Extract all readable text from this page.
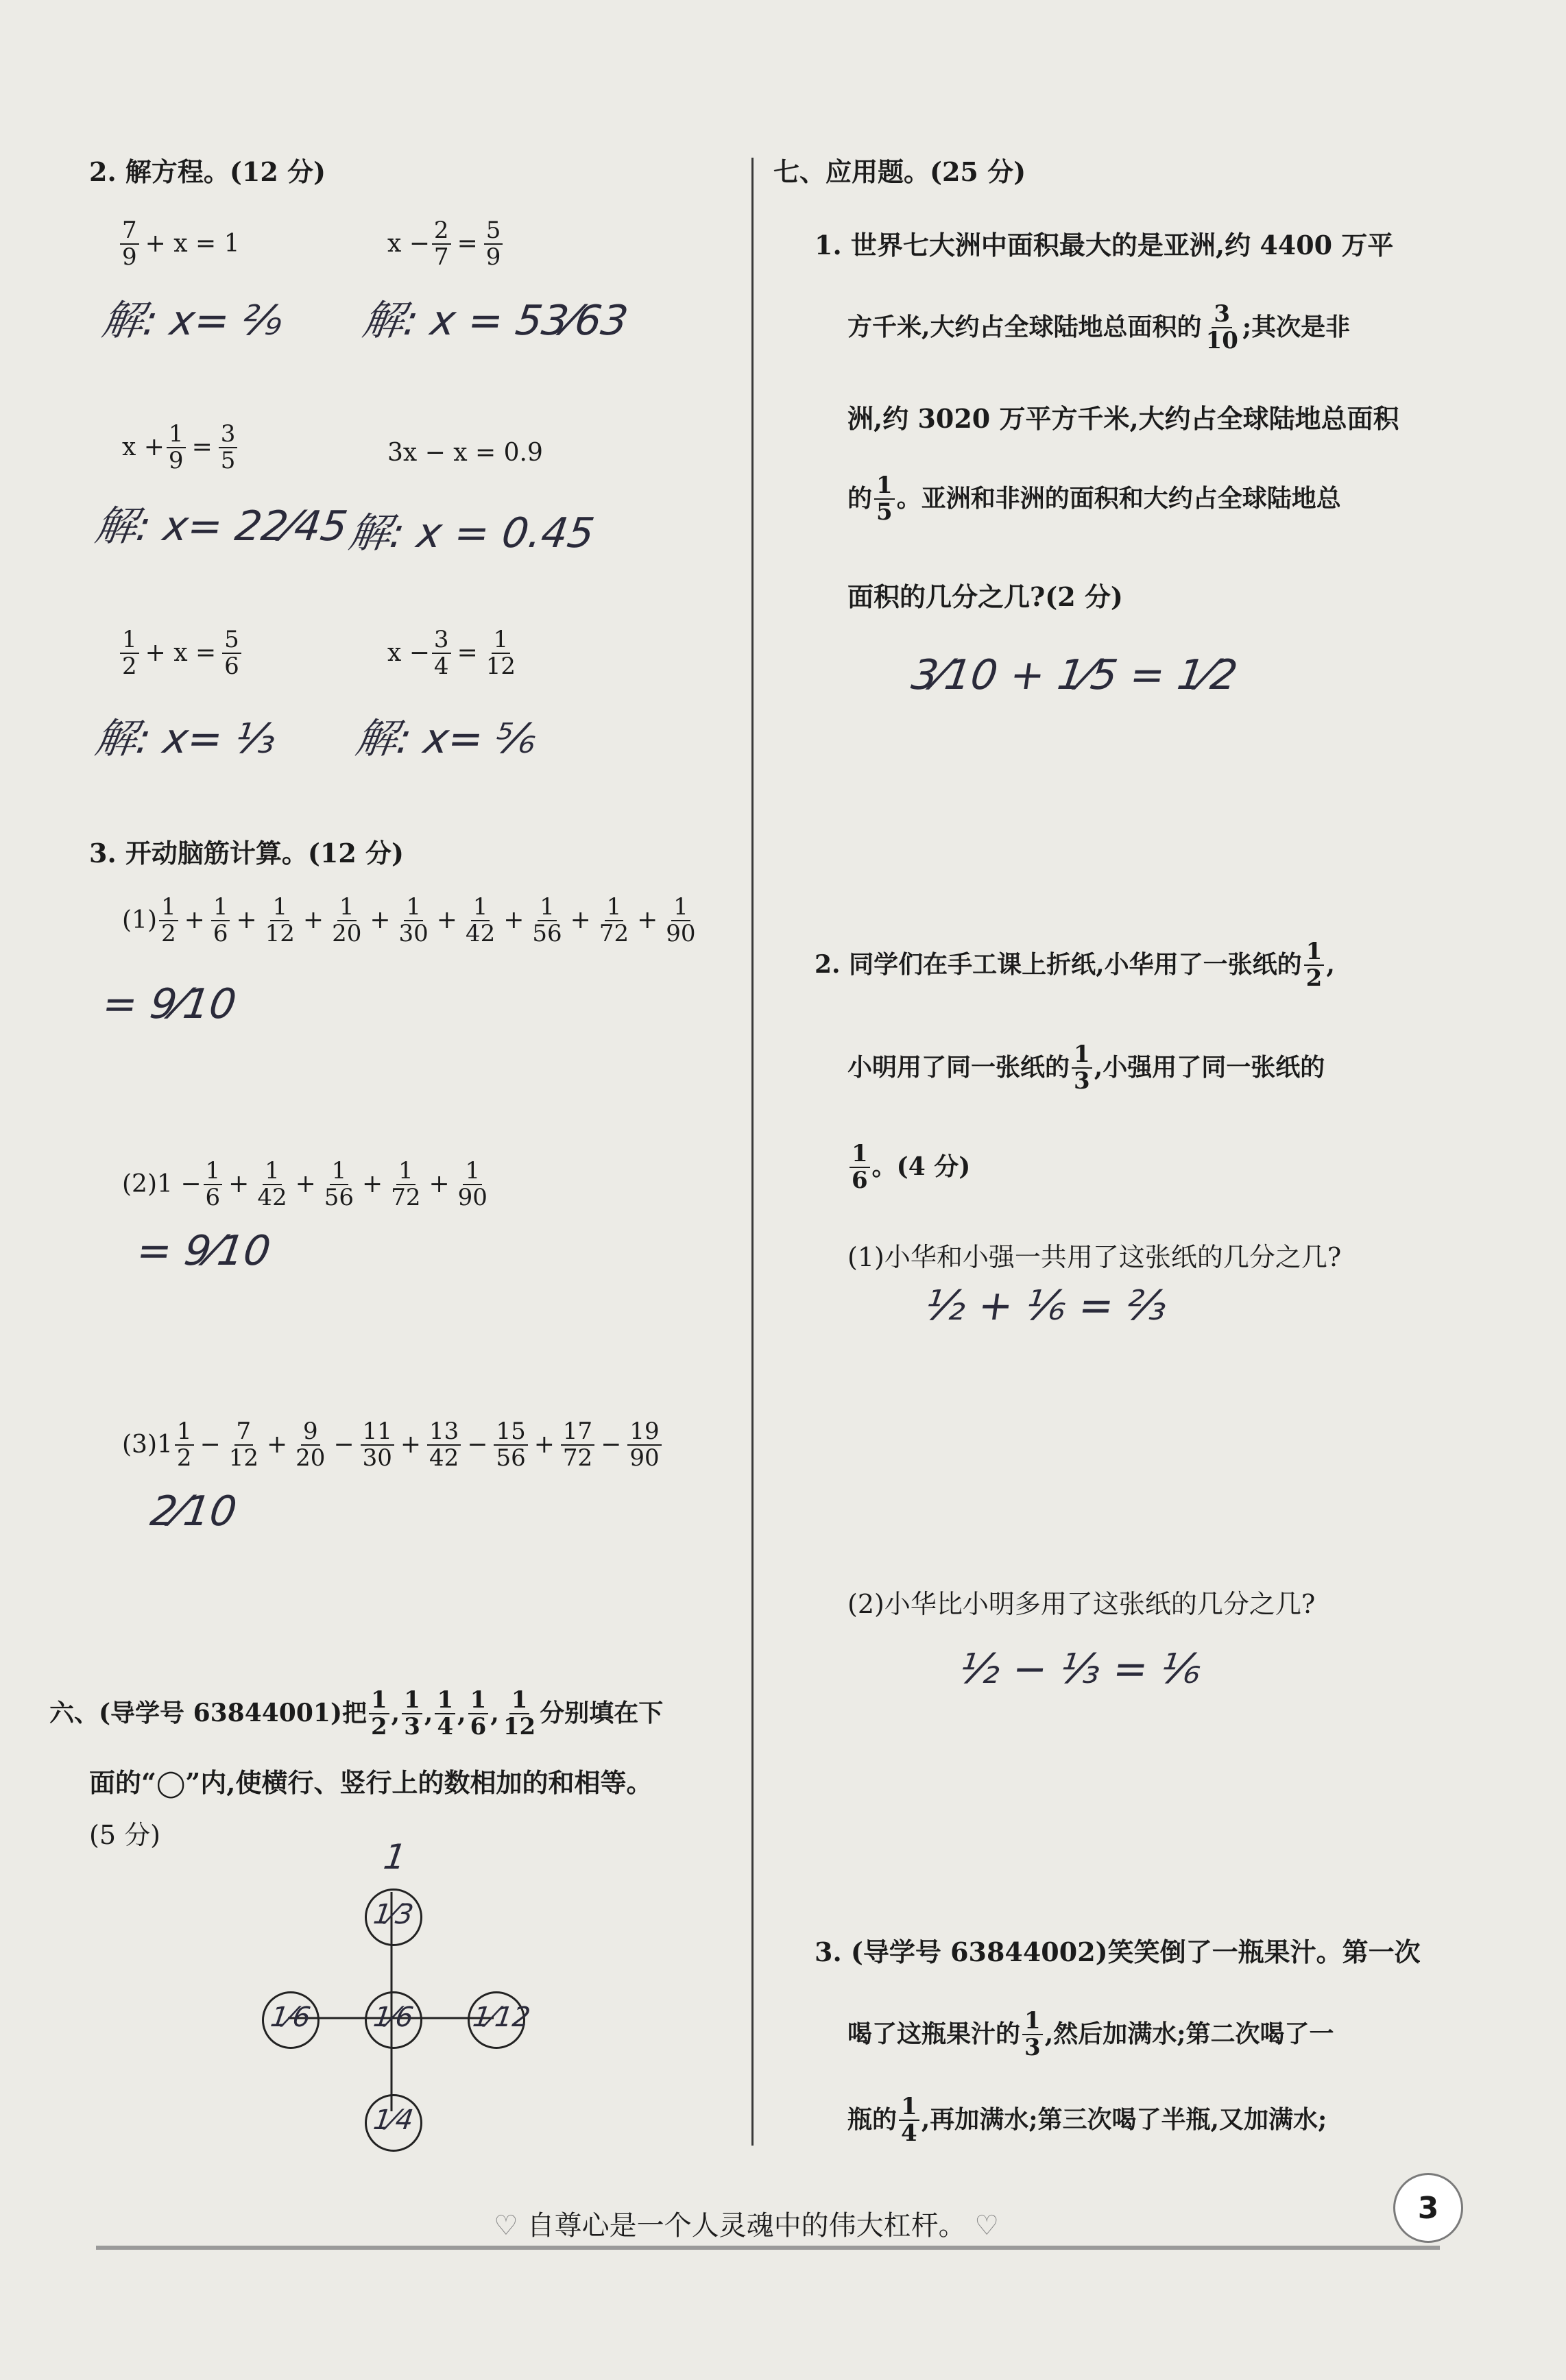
2. 解方程。(12 分)
$\frac{7}{9} + x = 1$
解: x= ²⁄₉
$x - \frac{2}{7} = \frac{5}{9}$
解: x = 53⁄63
$x + \frac{1}{9} = \frac{3}{5}$
解: x= 22⁄45
3x − x = 0.9
解: x = 0.45
$\frac{1}{2} + x = \frac{5}{6}$
解: x= ¹⁄₃
$x - \frac{3}{4} = \frac{1}{12}$
解: x= ⁵⁄₆
3. 开动脑筋计算。(12 分)
$(1) \frac{1}{2} + \frac{1}{6} + \frac{1}{12} + \frac{1}{20} + \frac{1}{30} + \frac{1}{42} + \frac{1}{56} + \frac{1}{72} + \frac{1}{90}$
= 9⁄10
$(2)1 - \frac{1}{6} + \frac{1}{42} + \frac{1}{56} + \frac{1}{72} + \frac{1}{90}$
= 9⁄10
$(3)1 \frac{1}{2} - \frac{7}{12} + \frac{9}{20} - \frac{11}{30} + \frac{13}{42} - \frac{15}{56} + \frac{17}{72} - \frac{19}{90}$
2⁄10
六、(导学号 63844001)把 $\frac{1}{2}$ , $\frac{1}{3}$ , $\frac{1}{4}$ , $\frac{1}{6}$ , $\frac{1}{12}$ 分别填在下
面的“◯”内,使横行、竖行上的数相加的和相等。
(5 分)
1
1⁄3
1⁄6 1⁄6 1⁄12
1⁄4
七、应用题。(25 分)
1. 世界七大洲中面积最大的是亚洲,约 4400 万平
方千米,大约占全球陆地总面积的 $\frac{3}{10}$ ;其次是非
洲,约 3020 万平方千米,大约占全球陆地总面积
的 $\frac{1}{5}$ 。亚洲和非洲的面积和大约占全球陆地总
面积的几分之几?(2 分)
3⁄10 + 1⁄5 = 1⁄2
2. 同学们在手工课上折纸,小华用了一张纸的 $\frac{1}{2}$ ,
小明用了同一张纸的 $\frac{1}{3}$ ,小强用了同一张纸的
$\frac{1}{6}$ 。(4 分)
(1)小华和小强一共用了这张纸的几分之几?
½ + ⅙ = ⅔
(2)小华比小明多用了这张纸的几分之几?
½ − ⅓ = ⅙
3. (导学号 63844002)笑笑倒了一瓶果汁。第一次
喝了这瓶果汁的 $\frac{1}{3}$ ,然后加满水;第二次喝了一
瓶的 $\frac{1}{4}$ ,再加满水;第三次喝了半瓶,又加满水;
♡ 自尊心是一个人灵魂中的伟大杠杆。 ♡
3
